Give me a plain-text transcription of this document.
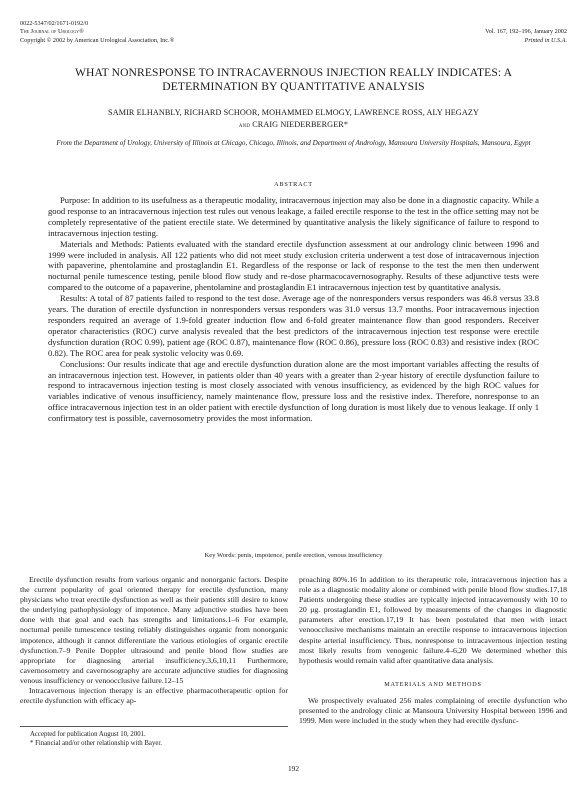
0022-5347/02/1671-0192/0
The Journal of Urology®
Copyright © 2002 by American Urological Association, Inc.®

Vol. 167, 192–196, January 2002
Printed in U.S.A.
WHAT NONRESPONSE TO INTRACAVERNOUS INJECTION REALLY INDICATES: A DETERMINATION BY QUANTITATIVE ANALYSIS
SAMIR ELHANBLY, RICHARD SCHOOR, MOHAMMED ELMOGY, LAWRENCE ROSS, ALY HEGAZY
and CRAIG NIEDERBERGER*
From the Department of Urology, University of Illinois at Chicago, Chicago, Illinois, and Department of Andrology, Mansoura University Hospitals, Mansoura, Egypt
ABSTRACT

Purpose: In addition to its usefulness as a therapeutic modality, intracavernous injection may also be done in a diagnostic capacity. While a good response to an intracavernous injection test rules out venous leakage, a failed erectile response to the test in the office setting may not be completely representative of the patient erectile state. We determined by quantitative analysis the likely significance of failure to respond to intracavernous injection testing.

Materials and Methods: Patients evaluated with the standard erectile dysfunction assessment at our andrology clinic between 1996 and 1999 were included in analysis. All 122 patients who did not meet study exclusion criteria underwent a test dose of intracavernous injection with papaverine, phentolamine and prostaglandin E1. Regardless of the response or lack of response to the test the men then underwent nocturnal penile tumescence testing, penile blood flow study and re-dose pharmacocavernosography. Results of these adjunctive tests were compared to the outcome of a papaverine, phentolamine and prostaglandin E1 intracavernous injection test by quantitative analysis.

Results: A total of 87 patients failed to respond to the test dose. Average age of the nonresponders versus responders was 46.8 versus 33.8 years. The duration of erectile dysfunction in nonresponders versus responders was 31.0 versus 13.7 months. Poor intracavernous injection responders required an average of 1.9-fold greater induction flow and 6-fold greater maintenance flow than good responders. Receiver operator characteristics (ROC) curve analysis revealed that the best predictors of the intracavernous injection test response were erectile dysfunction duration (ROC 0.99), patient age (ROC 0.87), maintenance flow (ROC 0.86), pressure loss (ROC 0.83) and resistive index (ROC 0.82). The ROC area for peak systolic velocity was 0.69.

Conclusions: Our results indicate that age and erectile dysfunction duration alone are the most important variables affecting the results of an intracavernous injection test. However, in patients older than 40 years with a greater than 2-year history of erectile dysfunction failure to respond to intracavernous injection testing is most closely associated with venous insufficiency, as evidenced by the high ROC values for variables indicative of venous insufficiency, namely maintenance flow, pressure loss and the resistive index. Therefore, nonresponse to an office intracavernous injection test in an older patient with erectile dysfunction of long duration is most likely due to venous leakage. If only 1 confirmatory test is possible, cavernosometry provides the most information.

Key Words: penis, impotence, penile erection, venous insufficiency

Erectile dysfunction results from various organic and nonorganic factors. Despite the current popularity of goal oriented therapy for erectile dysfunction, many physicians who treat erectile dysfunction as well as their patients still desire to know the underlying pathophysiology of impotence. Many adjunctive studies have been done with that goal and each has strengths and limitations.1–6 For example, nocturnal penile tumescence testing reliably distinguishes organic from nonorganic impotence, although it cannot differentiate the various etiologies of organic erectile dysfunction.7–9 Penile Doppler ultrasound and penile blood flow studies are appropriate for diagnosing arterial insufficiency.3,6,10,11 Furthermore, cavernosometry and cavernosography are accurate adjunctive studies for diagnosing venous insufficiency or venoocclusive failure.12–15

Intracavernous injection therapy is an effective pharmacotherapeutic option for erectile dysfunction with efficacy ap-

proaching 80%.16 In addition to its therapeutic role, intracavernous injection has a role as a diagnostic modality alone or combined with penile blood flow studies.17,18 Patients undergoing these studies are typically injected intracavernously with 10 to 20 μg. prostaglandin E1, followed by measurements of the changes in diagnostic parameters after erection.17,19 It has been postulated that men with intact venoocclusive mechanisms maintain an erectile response to intracavernous injection despite arterial insufficiency. Thus, nonresponse to intracavernous injection testing most likely results from venogenic failure.4–6,20 We determined whether this hypothesis would remain valid after quantitative data analysis.

MATERIALS AND METHODS

We prospectively evaluated 256 males complaining of erectile dysfunction who presented to the andrology clinic at Mansoura University Hospital between 1996 and 1999. Men were included in the study when they had erectile dysfunc-

Accepted for publication August 10, 2001.
* Financial and/or other relationship with Bayer.
192
